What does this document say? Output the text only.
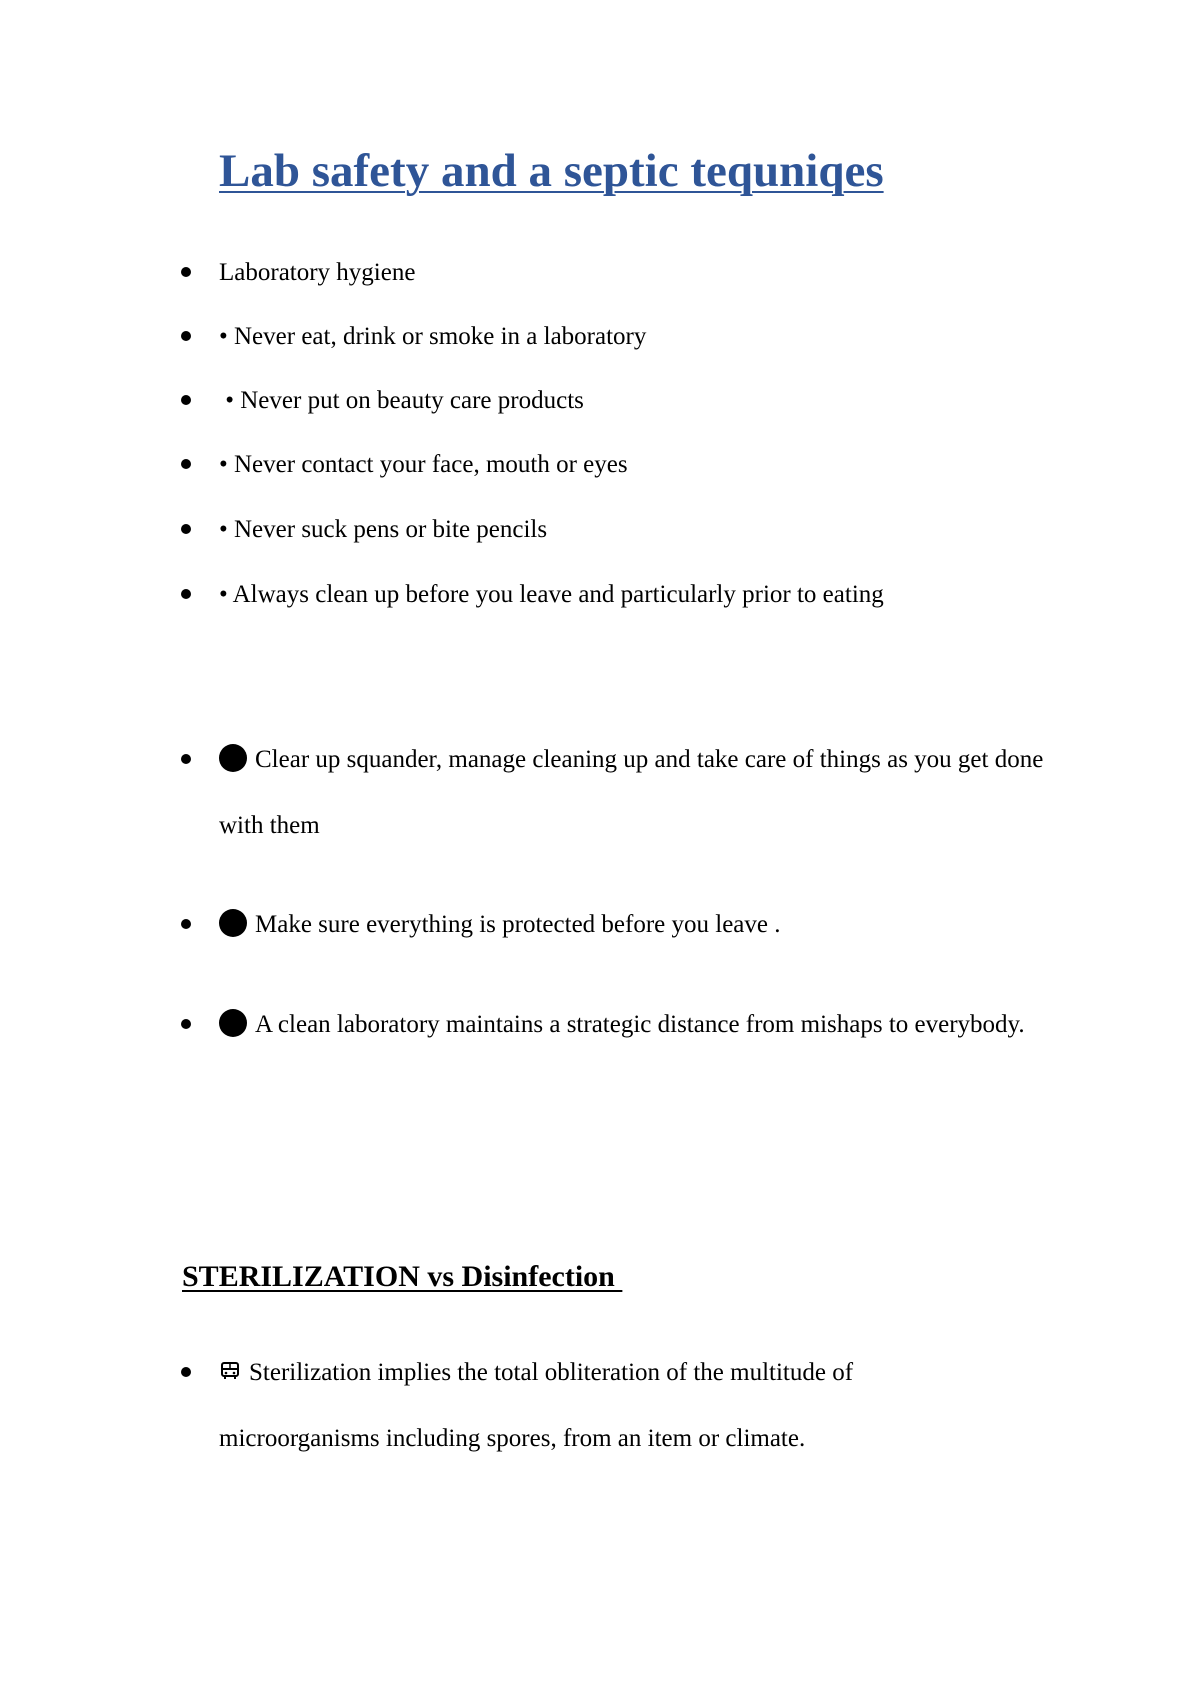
Lab safety and a septic tequniqes
Laboratory hygiene
• Never eat, drink or smoke in a laboratory
• Never put on beauty care products
• Never contact your face, mouth or eyes
• Never suck pens or bite pencils
• Always clean up before you leave and particularly prior to eating
Clear up squander, manage cleaning up and take care of things as you get done with them
Make sure everything is protected before you leave .
A clean laboratory maintains a strategic distance from mishaps to everybody.
STERILIZATION vs Disinfection
Sterilization implies the total obliteration of the multitude of microorganisms including spores, from an item or climate.
